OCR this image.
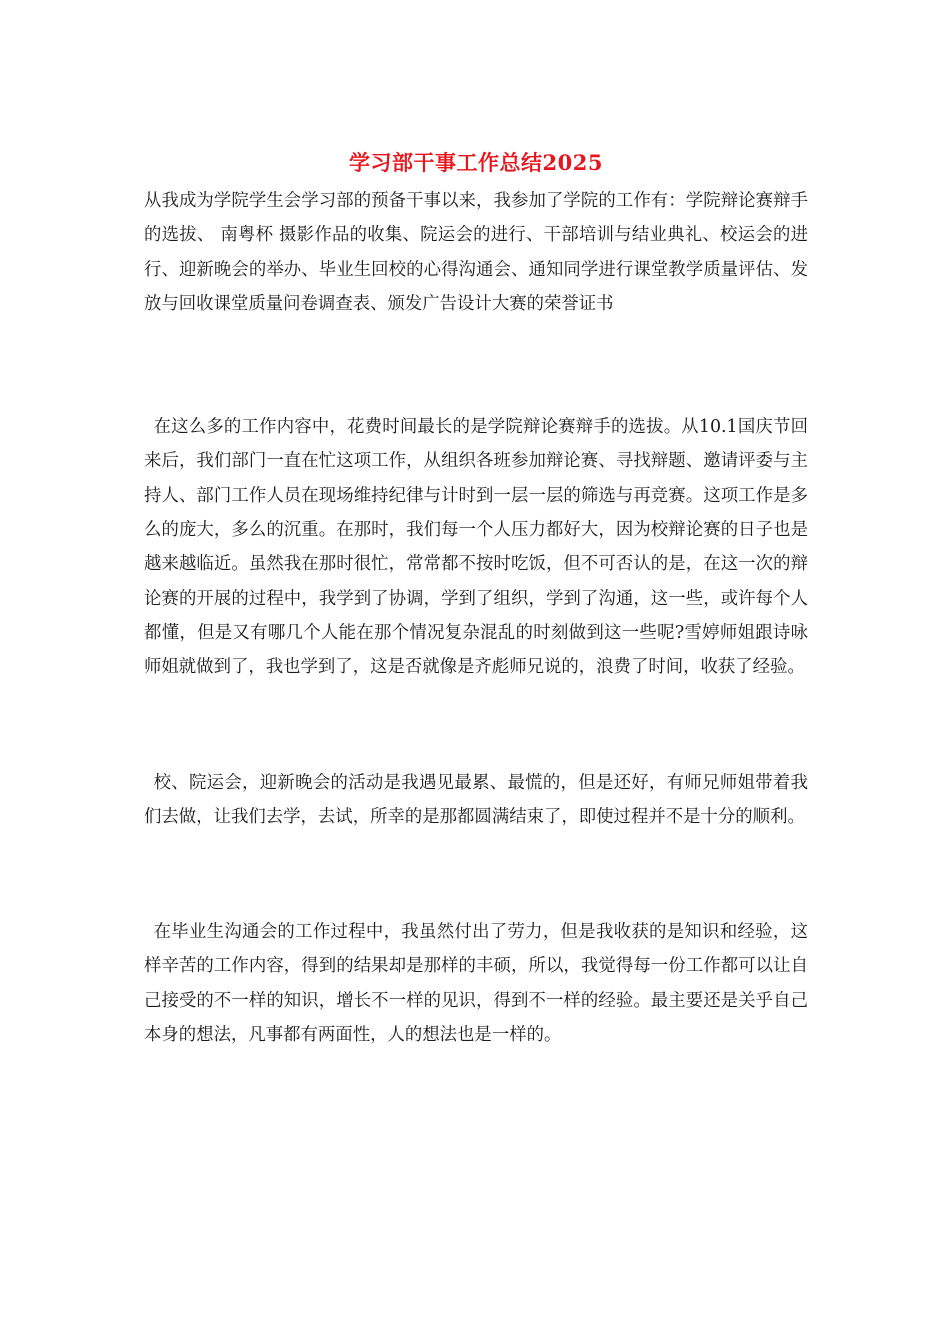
学习部干事工作总结2025

从我成为学院学生会学习部的预备干事以来，我参加了学院的工作有：学院辩论赛辩手的选拔、 南粤杯 摄影作品的收集、院运会的进行、干部培训与结业典礼、校运会的进行、迎新晚会的举办、毕业生回校的心得沟通会、通知同学进行课堂教学质量评估、发放与回收课堂质量问卷调查表、颁发广告设计大赛的荣誉证书

在这么多的工作内容中，花费时间最长的是学院辩论赛辩手的选拔。从10.1国庆节回来后，我们部门一直在忙这项工作，从组织各班参加辩论赛、寻找辩题、邀请评委与主持人、部门工作人员在现场维持纪律与计时到一层一层的筛选与再竞赛。这项工作是多么的庞大，多么的沉重。在那时，我们每一个人压力都好大，因为校辩论赛的日子也是越来越临近。虽然我在那时很忙，常常都不按时吃饭，但不可否认的是，在这一次的辩论赛的开展的过程中，我学到了协调，学到了组织，学到了沟通，这一些，或许每个人都懂，但是又有哪几个人能在那个情况复杂混乱的时刻做到这一些呢?雪婷师姐跟诗咏师姐就做到了，我也学到了，这是否就像是齐彪师兄说的，浪费了时间，收获了经验。

校、院运会，迎新晚会的活动是我遇见最累、最慌的，但是还好，有师兄师姐带着我们去做，让我们去学，去试，所幸的是那都圆满结束了，即使过程并不是十分的顺利。

在毕业生沟通会的工作过程中，我虽然付出了劳力，但是我收获的是知识和经验，这样辛苦的工作内容，得到的结果却是那样的丰硕，所以，我觉得每一份工作都可以让自己接受的不一样的知识，增长不一样的见识，得到不一样的经验。最主要还是关乎自己本身的想法，凡事都有两面性，人的想法也是一样的。
